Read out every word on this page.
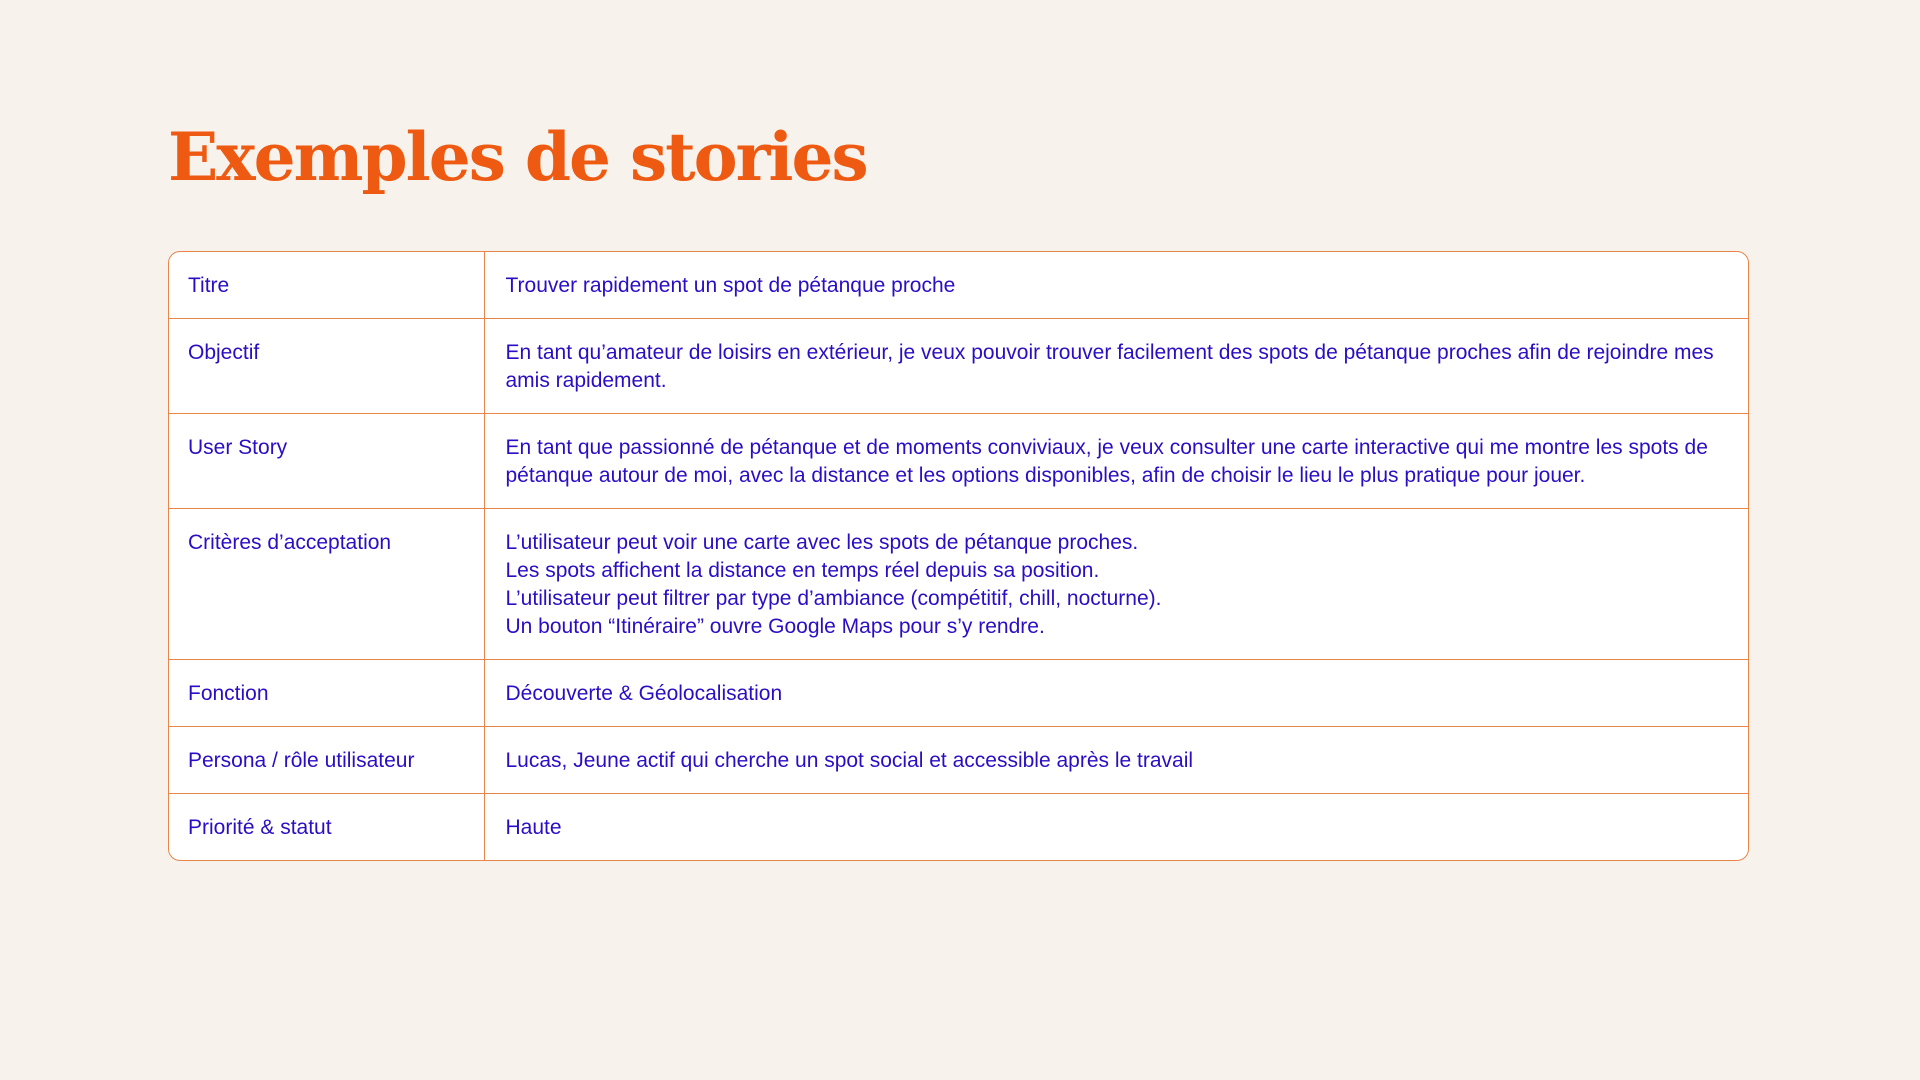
Exemples de stories
Titre	Trouver rapidement un spot de pétanque proche
Objectif	En tant qu’amateur de loisirs en extérieur, je veux pouvoir trouver facilement des spots de pétanque proches afin de rejoindre mes amis rapidement.
User Story	En tant que passionné de pétanque et de moments conviviaux, je veux consulter une carte interactive qui me montre les spots de pétanque autour de moi, avec la distance et les options disponibles, afin de choisir le lieu le plus pratique pour jouer.
Critères d’acceptation	L’utilisateur peut voir une carte avec les spots de pétanque proches.
Les spots affichent la distance en temps réel depuis sa position.
L’utilisateur peut filtrer par type d’ambiance (compétitif, chill, nocturne).
Un bouton “Itinéraire” ouvre Google Maps pour s’y rendre.

Fonction	Découverte & Géolocalisation
Persona / rôle utilisateur	Lucas, Jeune actif qui cherche un spot social et accessible après le travail
Priorité & statut	Haute
